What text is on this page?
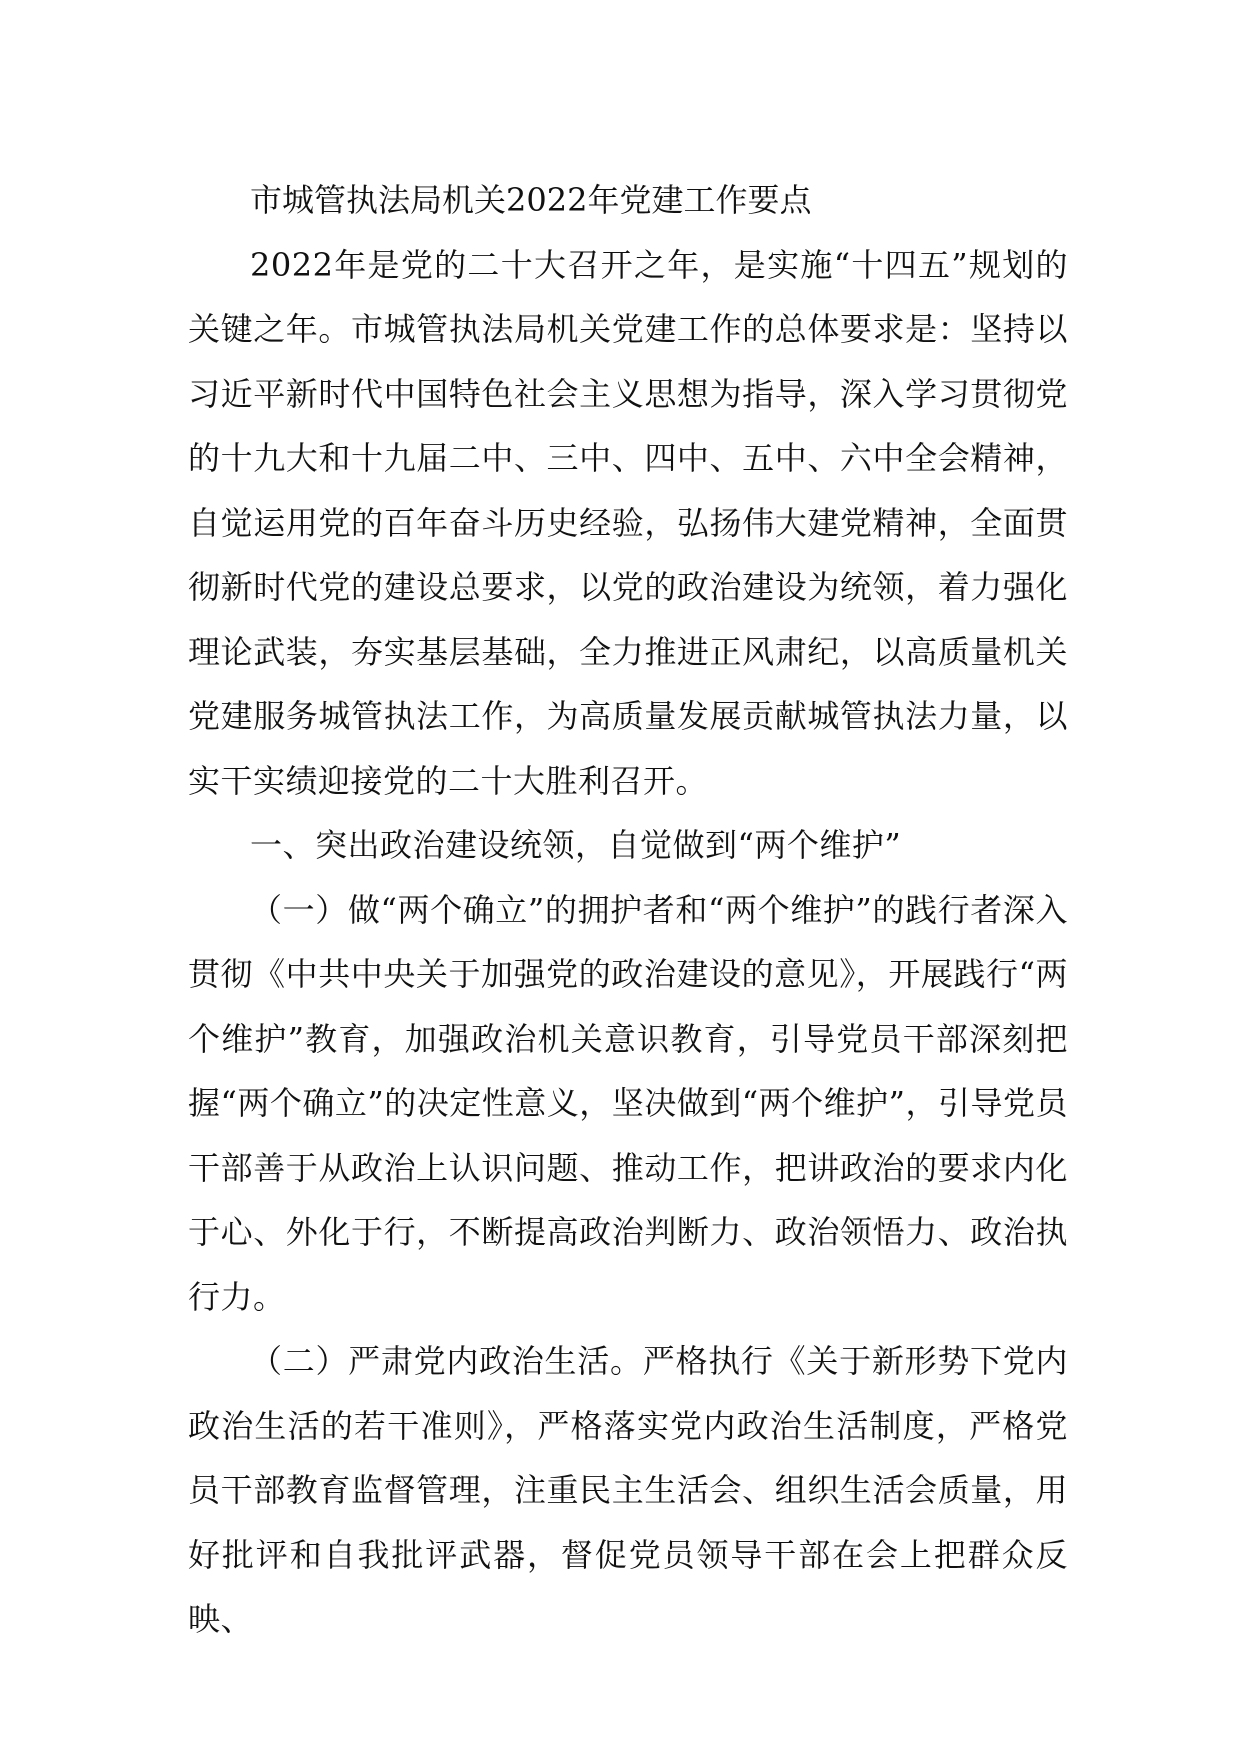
市城管执法局机关2022年党建工作要点

2022年是党的二十大召开之年，是实施“十四五”规划的关键之年。市城管执法局机关党建工作的总体要求是：坚持以习近平新时代中国特色社会主义思想为指导，深入学习贯彻党的十九大和十九届二中、三中、四中、五中、六中全会精神，自觉运用党的百年奋斗历史经验，弘扬伟大建党精神，全面贯彻新时代党的建设总要求，以党的政治建设为统领，着力强化理论武装，夯实基层基础，全力推进正风肃纪，以高质量机关党建服务城管执法工作，为高质量发展贡献城管执法力量，以实干实绩迎接党的二十大胜利召开。

一、突出政治建设统领，自觉做到“两个维护”

（一）做“两个确立”的拥护者和“两个维护”的践行者深入贯彻《中共中央关于加强党的政治建设的意见》，开展践行“两个维护”教育，加强政治机关意识教育，引导党员干部深刻把握“两个确立”的决定性意义，坚决做到“两个维护”，引导党员干部善于从政治上认识问题、推动工作，把讲政治的要求内化于心、外化于行，不断提高政治判断力、政治领悟力、政治执行力。

（二）严肃党内政治生活。严格执行《关于新形势下党内政治生活的若干准则》，严格落实党内政治生活制度，严格党员干部教育监督管理，注重民主生活会、组织生活会质量，用好批评和自我批评武器，督促党员领导干部在会上把群众反映、
